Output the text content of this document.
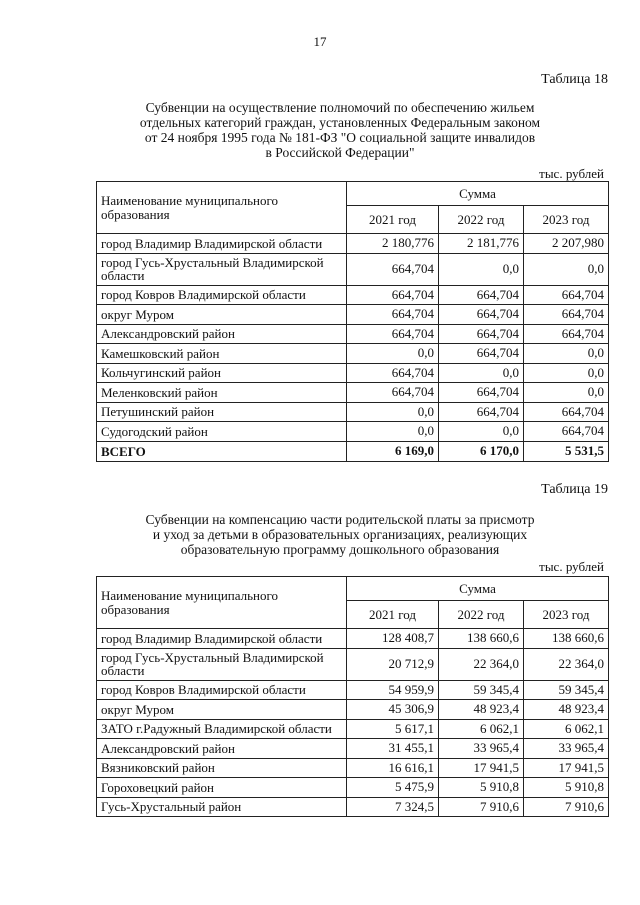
17
Таблица 18
Субвенции на осуществление полномочий по обеспечению жильем
отдельных категорий граждан, установленных Федеральным законом
от 24 ноября 1995 года № 181-ФЗ "О социальной защите инвалидов
в Российской Федерации"
тыс. рублей
Наименование муниципального образования	Сумма		
	2021 год	2022 год	2023 год
город Владимир Владимирской области	2 180,776	2 181,776	2 207,980
город Гусь-Хрустальный Владимирской области	664,704	0,0	0,0
город Ковров Владимирской области	664,704	664,704	664,704
округ Муром	664,704	664,704	664,704
Александровский район	664,704	664,704	664,704
Камешковский район	0,0	664,704	0,0
Кольчугинский район	664,704	0,0	0,0
Меленковский район	664,704	664,704	0,0
Петушинский район	0,0	664,704	664,704
Судогодский район	0,0	0,0	664,704
ВСЕГО	6 169,0	6 170,0	5 531,5
Таблица 19
Субвенции на компенсацию части родительской платы за присмотр
и уход за детьми в образовательных организациях, реализующих
образовательную программу дошкольного образования
тыс. рублей
Наименование муниципального образования	Сумма		
	2021 год	2022 год	2023 год
город Владимир Владимирской области	128 408,7	138 660,6	138 660,6
город Гусь-Хрустальный Владимирской области	20 712,9	22 364,0	22 364,0
город Ковров Владимирской области	54 959,9	59 345,4	59 345,4
округ Муром	45 306,9	48 923,4	48 923,4
ЗАТО г.Радужный Владимирской области	5 617,1	6 062,1	6 062,1
Александровский район	31 455,1	33 965,4	33 965,4
Вязниковский район	16 616,1	17 941,5	17 941,5
Гороховецкий район	5 475,9	5 910,8	5 910,8
Гусь-Хрустальный район	7 324,5	7 910,6	7 910,6
